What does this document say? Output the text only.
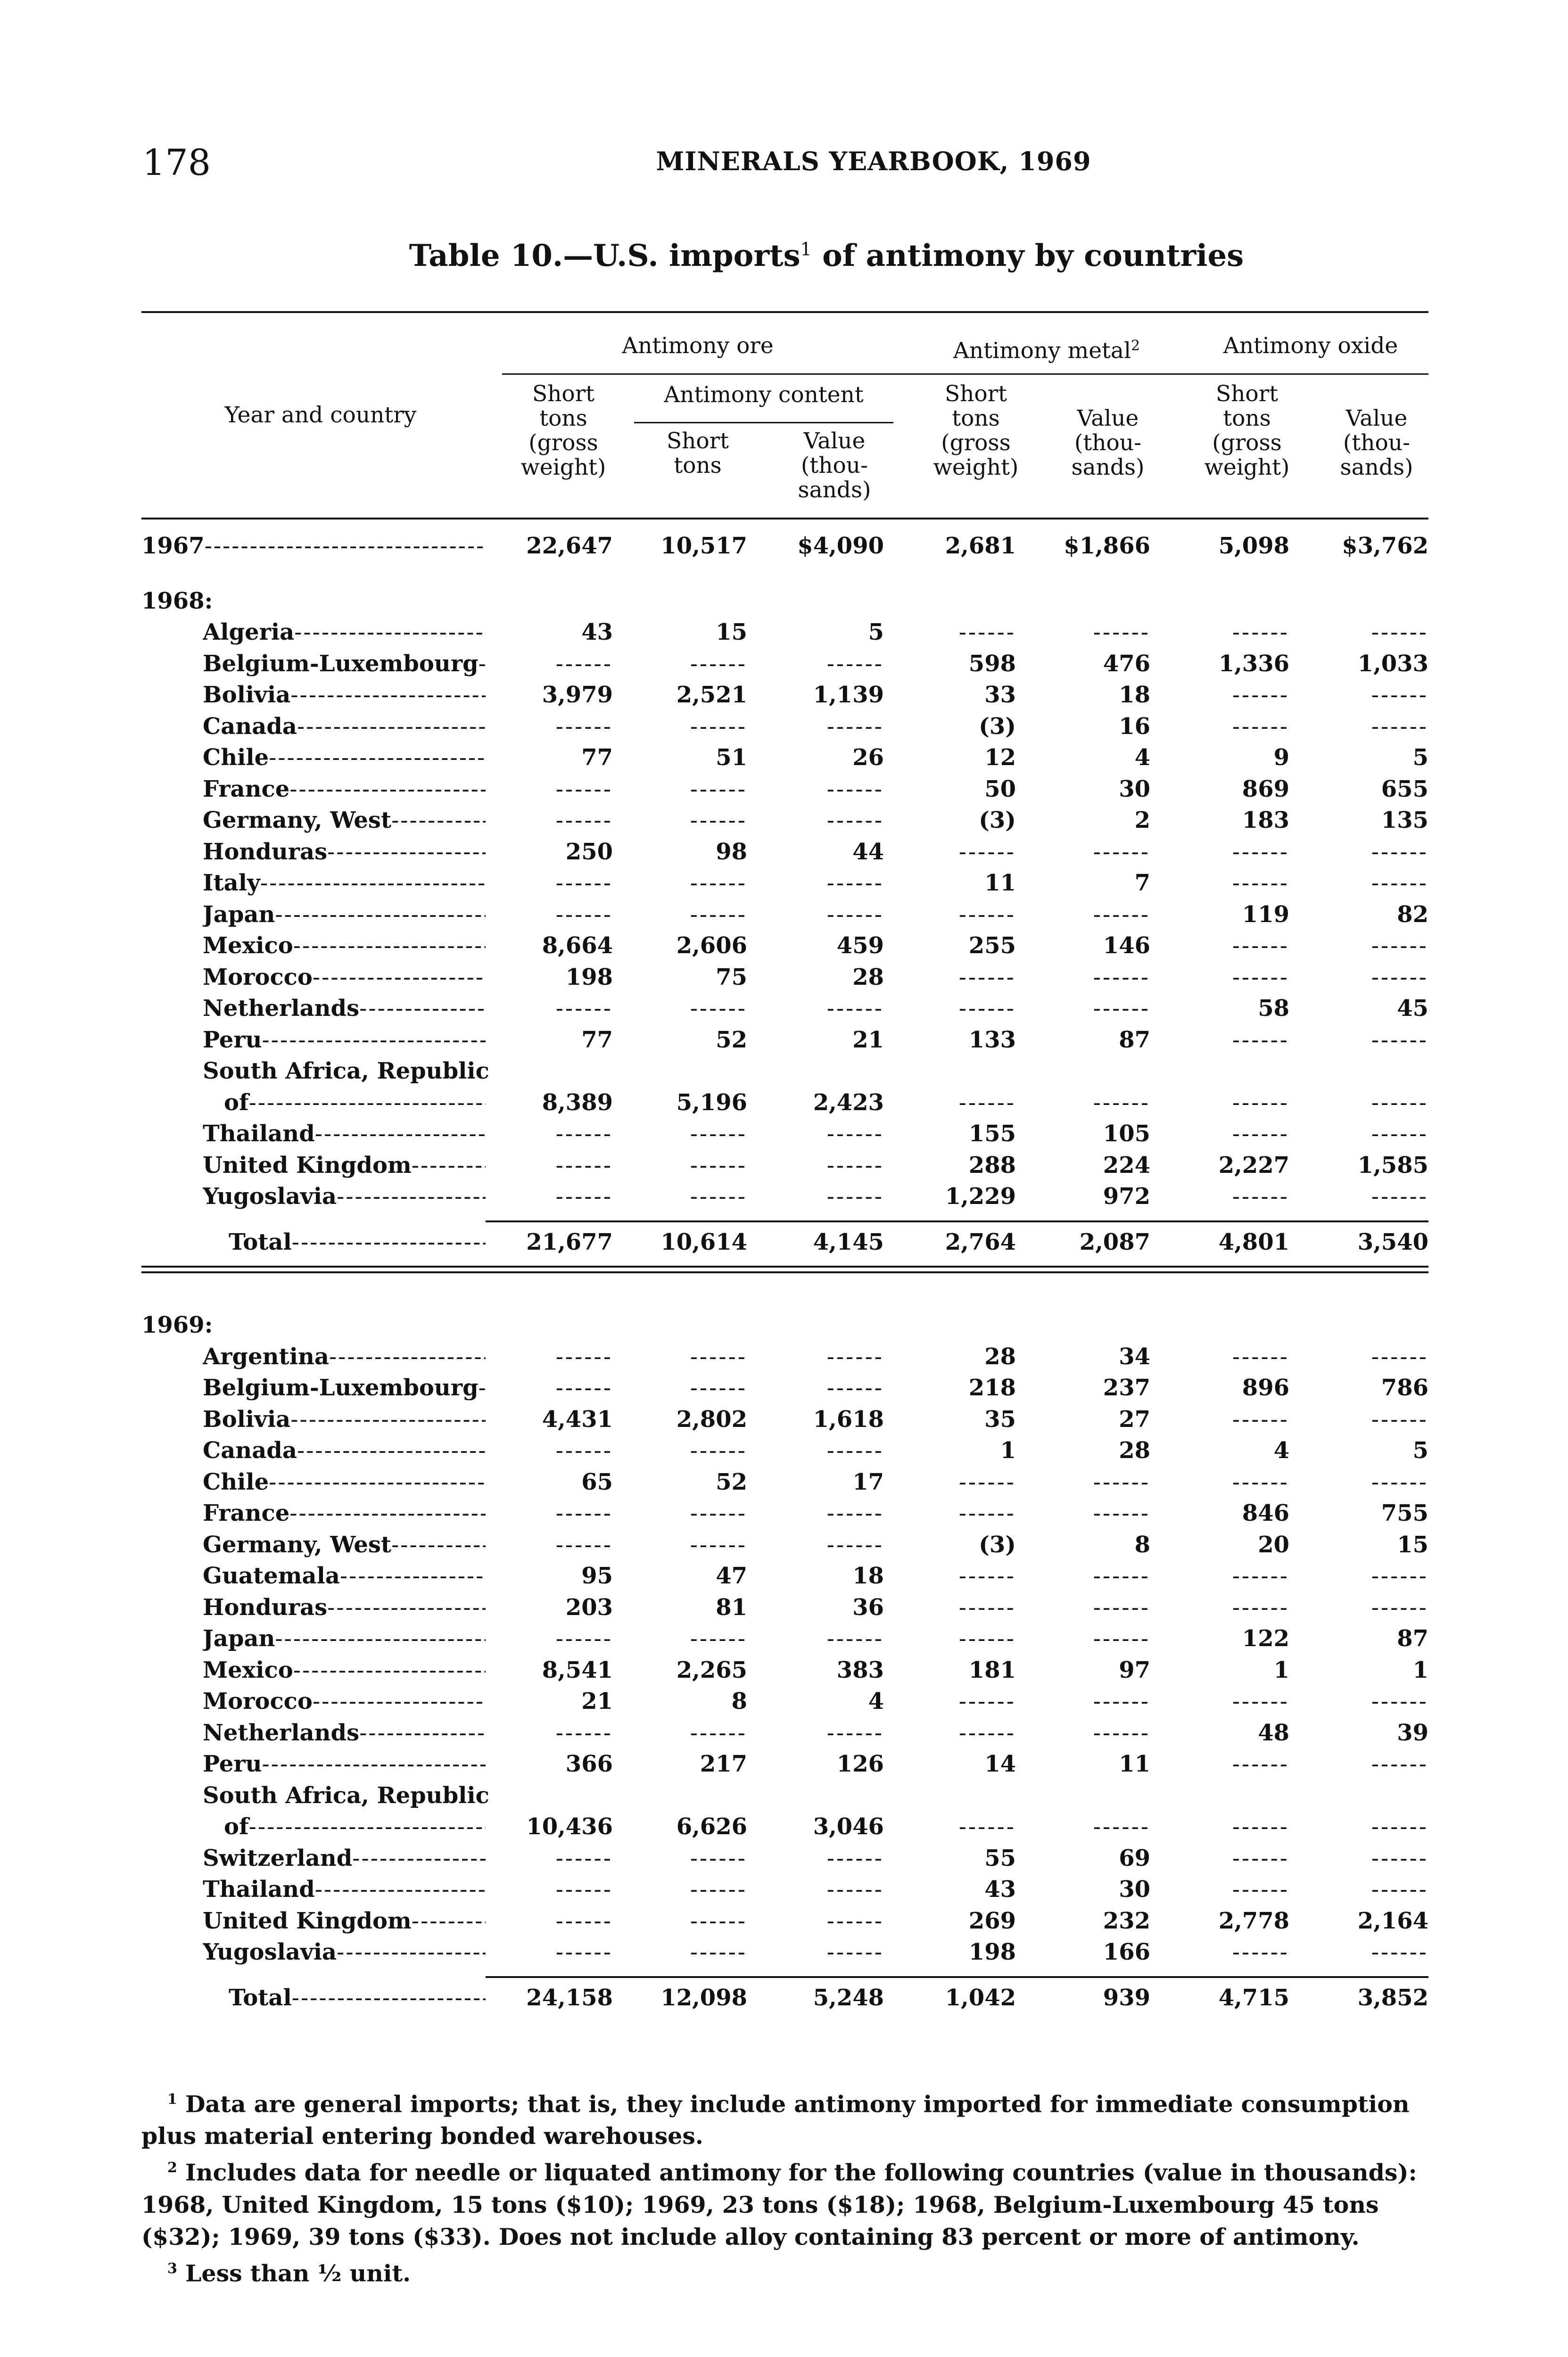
178	MINERALS YEARBOOK, 1969
Table 10.—U.S. imports$^1$ of antimony by countries
Year and country
Antimony ore	Antimony metal$^2$	Antimony oxide
Antimony content
Short tons (gross weight)
Short tons
Value (thou- sands)
Short tons (gross weight)
Value (thou- sands)
Short tons (gross weight)
Value (thou- sands)
1967 -----	22,647	10,517	$4,090	2,681	$1,866	5,098	$3,762
1968:
Algeria -----	43	15	5	------	------	------	------
Belgium-Luxembourg -----	------	------	------	598	476	1,336	1,033
Bolivia -----	3,979	2,521	1,139	33	18	------	------
Canada -----	------	------	------	(3)	16	------	------
Chile -----	77	51	26	12	4	9	5
France -----	------	------	------	50	30	869	655
Germany, West -----	------	------	------	(3)	2	183	135
Honduras -----	250	98	44	------	------	------	------
Italy -----	------	------	------	11	7	------	------
Japan -----	------	------	------	------	------	119	82
Mexico -----	8,664	2,606	459	255	146	------	------
Morocco -----	198	75	28	------	------	------	------
Netherlands -----	------	------	------	------	------	58	45
Peru -----	77	52	21	133	87	------	------
South Africa, Republic
of -----	8,389	5,196	2,423	------	------	------	------
Thailand -----	------	------	------	155	105	------	------
United Kingdom -----	------	------	------	288	224	2,227	1,585
Yugoslavia -----	------	------	------	1,229	972	------	------
Total -----	21,677	10,614	4,145	2,764	2,087	4,801	3,540
1969:
Argentina -----	------	------	------	28	34	------	------
Belgium-Luxembourg -----	------	------	------	218	237	896	786
Bolivia -----	4,431	2,802	1,618	35	27	------	------
Canada -----	------	------	------	1	28	4	5
Chile -----	65	52	17	------	------	------	------
France -----	------	------	------	------	------	846	755
Germany, West -----	------	------	------	(3)	8	20	15
Guatemala -----	95	47	18	------	------	------	------
Honduras -----	203	81	36	------	------	------	------
Japan -----	------	------	------	------	------	122	87
Mexico -----	8,541	2,265	383	181	97	1	1
Morocco -----	21	8	4	------	------	------	------
Netherlands -----	------	------	------	------	------	48	39
Peru -----	366	217	126	14	11	------	------
South Africa, Republic
of -----	10,436	6,626	3,046	------	------	------	------
Switzerland -----	------	------	------	55	69	------	------
Thailand -----	------	------	------	43	30	------	------
United Kingdom -----	------	------	------	269	232	2,778	2,164
Yugoslavia -----	------	------	------	198	166	------	------
Total -----	24,158	12,098	5,248	1,042	939	4,715	3,852

$^1$ Data are general imports; that is, they include antimony imported for immediate consumption plus material entering bonded warehouses.

$^2$ Includes data for needle or liquated antimony for the following countries (value in thousands): 1968, United Kingdom, 15 tons ($10); 1969, 23 tons ($18); 1968, Belgium-Luxembourg 45 tons ($32); 1969, 39 tons ($33). Does not include alloy containing 83 percent or more of antimony.

$^3$ Less than ½ unit.
